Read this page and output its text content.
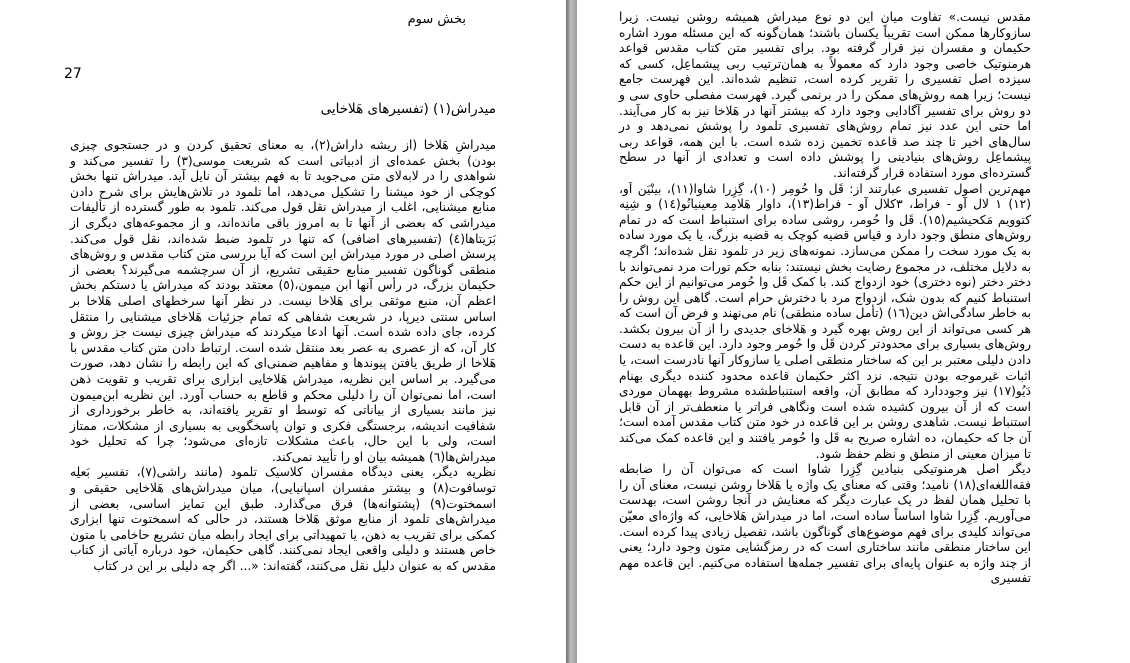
بخش سوم
27
میدراش(۱) (تفسیرهای هَلاخایی

میدراشِ هَلاخا (از ریشه داراش(۲)، به معنای تحقیق کردن و در جستجوی چیزی بودن) بخش عمده‌ای از ادبیاتی است که شریعت موسی(۳) را تفسیر می‌کند و شواهدی را در لابه‌لای متن می‌جوید تا به فهم بیشتر آن نایل آید. میدراش تنها بخش کوچکی از خود میشنا را تشکیل می‌دهد، اما تلمود در تلاش‌هایش برای شرح دادن منابع میشنایی، اغلب از میدراش نقل قول می‌کند. تلمود به طور گسترده از تألیفات میدراشی که بعضی از آنها تا به امروز باقی مانده‌اند، و از مجموعه‌های دیگری از بَرَیتاها(٤) (تفسیرهای اضافی) که تنها در تلمود ضبط شده‌اند، نقل قول می‌کند. پرسش اصلی در مورد میدراش این است که آیا بررسی متن کتاب مقدس و روش‌های منطقی گوناگون تفسیر منابع حقیقی تشریع، از آن سرچشمه می‌گیرند؟ بعضی از حکیمان بزرگ، در رأس آنها ابن میمون،(٥) معتقد بودند که میدراش یا دستکم بخش اعظم آن، منبع موثقی برای هَلاخا نیست. در نظر آنها سرخطهای اصلی هَلاخا بر اساس سنتی دیرپا، در شریعت شفاهی که تمام جزئیات هَلاخای میشنایی را منتقل کرده، جای داده شده است. آنها ادعا میکردند که میدراش چیزی نیست جز روش و کار آن، که از عصری به عصر بعد منتقل شده است. ارتباط دادن متن کتاب مقدس با هَلاخا از طریق یافتن پیوندها و مفاهیم ضمنی‌ای که این رابطه را نشان دهد، صورت می‌گیرد. بر اساس این نظریه، میدراش هَلاخایی ابزاری برای تقریب و تقویت ذهن است، اما نمی‌توان آن را دلیلی محکم و قاطع به حساب آورد. این نظریه ابن‌میمون نیز مانند بسیاری از بیاناتی که توسط او تقریر یافته‌اند، به خاطر برخورداری از شفافیت اندیشه، برجستگی فکری و توان پاسخگویی به بسیاری از مشکلات، ممتاز است، ولی با این حال، باعث مشکلات تازه‌ای می‌شود؛ چرا که تحلیل خود میدراش‌ها(٦) همیشه بیان او را تأیید نمی‌کند.

نظریه دیگر، یعنی دیدگاه مفسران کلاسیک تلمود (مانند راشی(۷)، تفسیر بَعلِه توسافوت(۸) و بیشتر مفسران اسپانیایی)، میان میدراش‌های هَلاخایی حقیقی و اسمختوت(۹) (پشتوانه‌ها) فرق می‌گذارد. طبق این تمایز اساسی، بعضی از میدراش‌های تلمود از منابع موثق هَلاخا هستند، در حالی که اسمختوت تنها ابزاری کمکی برای تقریب به ذهن، یا تمهیداتی برای ایجاد رابطه میان تشریع حاخامی با متون خاص هستند و دلیلی واقعی ایجاد نمی‌کنند. گاهی حکیمان، خود درباره آیاتی از کتاب مقدس که به عنوان دلیل نقل می‌کنند، گفته‌اند: «... اگر چه دلیلی بر این در کتاب

مقدس نیست.» تفاوت میان این دو نوع میدراش همیشه روشن نیست. زیرا سازوکارها ممکن است تقریباً یکسان باشند؛ همان‌گونه که این مسئله مورد اشاره حکیمان و مفسران نیز قرار گرفته بود. برای تفسیر متن کتاب مقدس قواعد هرمنوتیک خاصی وجود دارد که معمولاً به همان‌ترتیب ربی پیشماعِل، کسی که سیزده اصل تفسیری را تقریر کرده است، تنظیم شده‌اند. این فهرست جامع نیست؛ زیرا همه روش‌های ممکن را در برنمی گیرد. فهرست مفصلی حاوی سی و دو روش برای تفسیر آگادایی وجود دارد که بیشتر آنها در هَلاخا نیز به کار می‌آیند. اما حتی این عدد نیز تمام روش‌های تفسیری تلمود را پوشش نمی‌دهد و در سال‌های اخیر تا چند صد قاعده تخمین زده شده است. با این همه، قواعد ربی پیشماعِل روش‌های بنیادینی را پوشش داده است و تعدادی از آنها در سطح گسترده‌ای مورد استفاده قرار گرفته‌اند.

مهم‌ترین اصول تفسیری عبارتند از: قَل وا حُومِر (۱۰)، گِزِرا شاوا(۱۱)، بینْیَن اَو،(۱۲) ١ لال آو - فراط، ٣کلال آو - فراط(۱۳)، داوار هَلامِد مِعینیانُو(١٤) و شِنِه کتوویم مَکحیشیم(١٥). قَل وا حُومر، روشی ساده برای استنباط است که در تمام روش‌های منطق وجود دارد و قیاس قضیه کوچک به قضیه بزرگ، یا یک مورد ساده به یک مورد سخت را ممکن می‌سازد. نمونه‌های زیر در تلمود نقل شده‌اند؛ اگرچه به دلایل مختلف، در مجموع رضایت بخش نیستند: بنابه حکم تورات مرد نمی‌تواند با دختر دختر (نوه دختری) خود ازدواج کند. با کمک قَل وا حُومر می‌توانیم از این حکم استنباط کنیم که بدون شک، ازدواج مرد با دخترش حرام است. گاهی این روش را به خاطر سادگی‌اش دین(۱٦) (تأمل ساده منطقی) نام می‌نهند و فرض آن است که هر کسی می‌تواند از این روش بهره گیرد و هَلاخای جدیدی را از آن بیرون بکشد. روش‌های بسیاری برای محدودتر کردن قَل وا حُومر وجود دارد. این قاعده به دست دادن دلیلی معتبر بر این که ساختار منطقی اصلی یا سازوکار آنها نادرست است، یا اثبات غیرموجه بودن نتیجه. نزد اکثر حکیمان قاعده محدود کننده دیگری بهنام دَیُو(۱۷) نیز وجوددارد که مطابق آن، واقعه استنباطشده مشروط بههمان موردی است که از آن بیرون کشیده شده است ونگاهی فراتر یا منعطف‌تر از آن قابل استنباط نیست. شاهدی روشن بر این قاعده در خود متن کتاب مقدس آمده است؛ آن جا که حکیمان، ده اشاره صریح به قَل وا حُومر یافتند و این قاعده کمک می‌کند تا میزان معینی از منطق و نظم حفظ شود.

دیگر اصل هرمنوتیکی بنیادین گِزِرا شاوا است که می‌توان آن را ضابطه فقه‌اللغه‌ای(۱۸) نامید؛ وقتی که معنای یک واژه یا هَلاخا روشن نیست، معنای آن را با تحلیل همان لفظ در یک عبارت دیگر که معنایش در آنجا روشن است، بهدست می‌آوریم. گِزِرا شاوا اساساً ساده است، اما در میدراش هَلاخایی، که واژه‌ای معیّن می‌تواند کلیدی برای فهم موضوع‌های گوناگون باشد، تفصیل زیادی پیدا کرده است. این ساختار منطقی مانند ساختاری است که در رمزگشایی متون وجود دارد؛ یعنی از چند واژه به عنوان پایه‌ای برای تفسیر جمله‌ها استفاده می‌کنیم. این قاعده مهم تفسیری
